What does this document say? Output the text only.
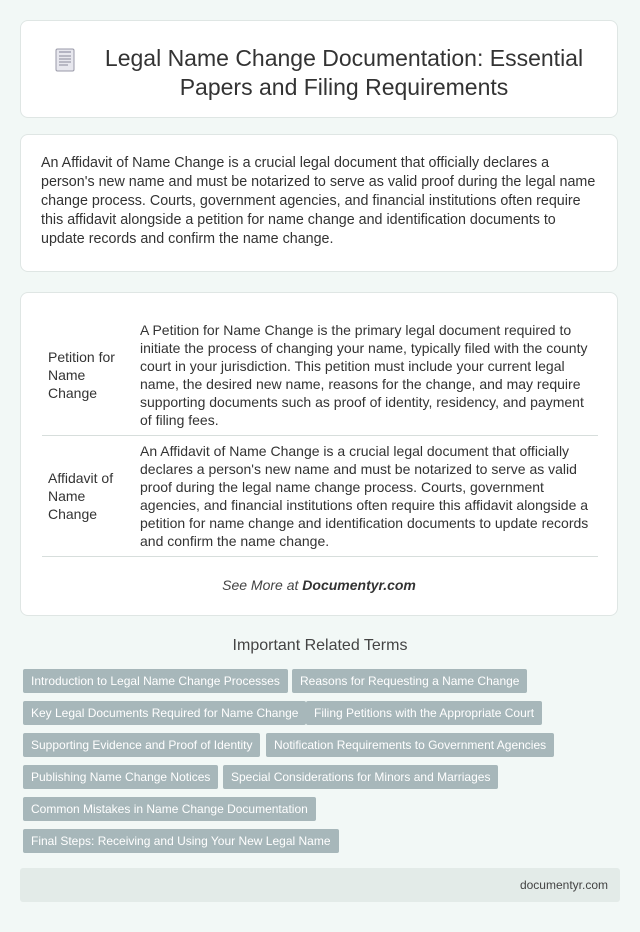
Legal Name Change Documentation: Essential Papers and Filing Requirements

An Affidavit of Name Change is a crucial legal document that officially declares a person's new name and must be notarized to serve as valid proof during the legal name change process. Courts, government agencies, and financial institutions often require this affidavit alongside a petition for name change and identification documents to update records and confirm the name change.

Petition for Name Change	A Petition for Name Change is the primary legal document required to initiate the process of changing your name, typically filed with the county court in your jurisdiction. This petition must include your current legal name, the desired new name, reasons for the change, and may require supporting documents such as proof of identity, residency, and payment of filing fees.
Affidavit of Name Change	An Affidavit of Name Change is a crucial legal document that officially declares a person's new name and must be notarized to serve as valid proof during the legal name change process. Courts, government agencies, and financial institutions often require this affidavit alongside a petition for name change and identification documents to update records and confirm the name change.
See More at Documentyr.com
Important Related Terms
Introduction to Legal Name Change Processes	Reasons for Requesting a Name Change
Key Legal Documents Required for Name Change	Filing Petitions with the Appropriate Court
Supporting Evidence and Proof of Identity	Notification Requirements to Government Agencies
Publishing Name Change Notices	Special Considerations for Minors and Marriages
Common Mistakes in Name Change Documentation
Final Steps: Receiving and Using Your New Legal Name
documentyr.com
